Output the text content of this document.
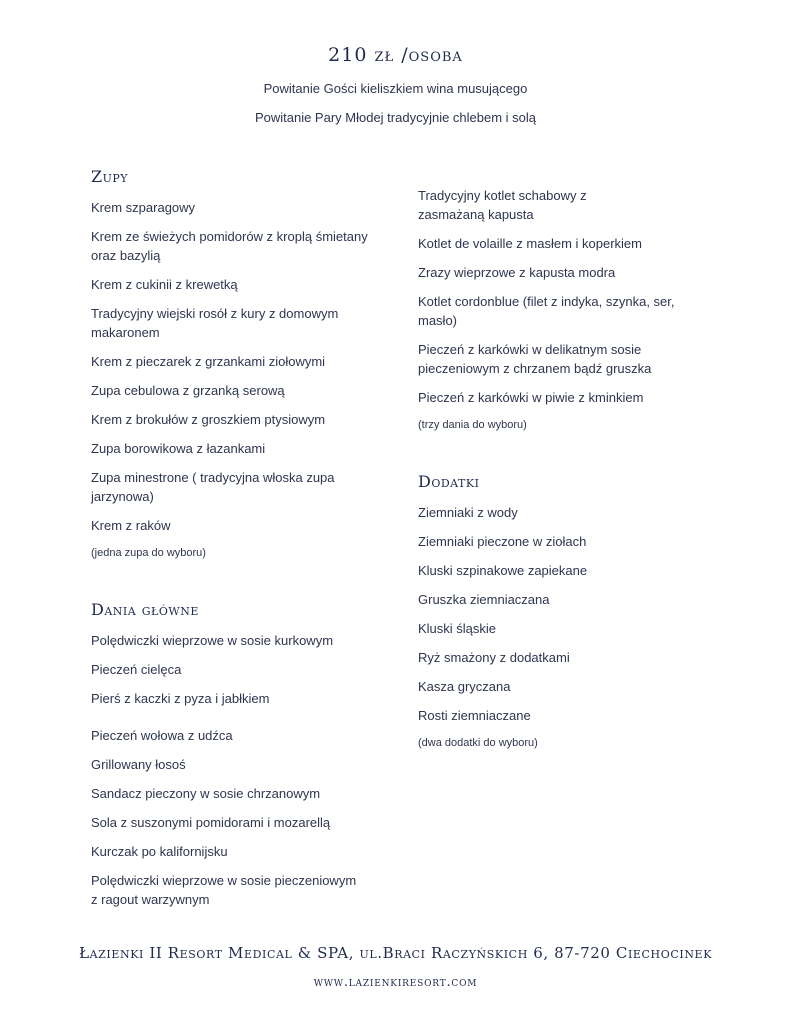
210 zł /osoba
Powitanie Gości kieliszkiem wina musującego
Powitanie Pary Młodej tradycyjnie chlebem i solą
Zupy
Krem szparagowy
Krem ze świeżych pomidorów z kroplą śmietany oraz bazylią
Krem z cukinii z krewetką
Tradycyjny wiejski rosół z kury z domowym makaronem
Krem z pieczarek z grzankami ziołowymi
Zupa cebulowa z grzanką serową
Krem z brokułów z groszkiem ptysiowym
Zupa borowikowa z łazankami
Zupa minestrone ( tradycyjna włoska zupa jarzynowa)
Krem z raków
(jedna zupa do wyboru)
Dania główne
Polędwiczki wieprzowe w sosie kurkowym
Pieczeń cielęca
Pierś z kaczki z pyza i jabłkiem
Pieczeń wołowa z udźca
Grillowany łosoś
Sandacz pieczony w sosie chrzanowym
Sola z suszonymi pomidorami i mozarellą
Kurczak po kalifornijsku
Polędwiczki wieprzowe w sosie pieczeniowym z ragout warzywnym
Tradycyjny kotlet schabowy z zasmażaną kapusta
Kotlet de volaille z masłem i koperkiem
Zrazy wieprzowe z kapusta modra
Kotlet cordonblue (filet z indyka, szynka, ser, masło)
Pieczeń z karkówki w delikatnym sosie pieczeniowym z chrzanem bądź gruszka
Pieczeń z karkówki w piwie z kminkiem
(trzy dania do wyboru)
Dodatki
Ziemniaki z wody
Ziemniaki pieczone w ziołach
Kluski szpinakowe zapiekane
Gruszka ziemniaczana
Kluski śląskie
Ryż smażony z dodatkami
Kasza gryczana
Rosti ziemniaczane
(dwa dodatki do wyboru)
Łazienki II Resort Medical & SPA, ul.Braci Raczyńskich 6, 87-720 Ciechocinek
www.lazienkiresort.com
